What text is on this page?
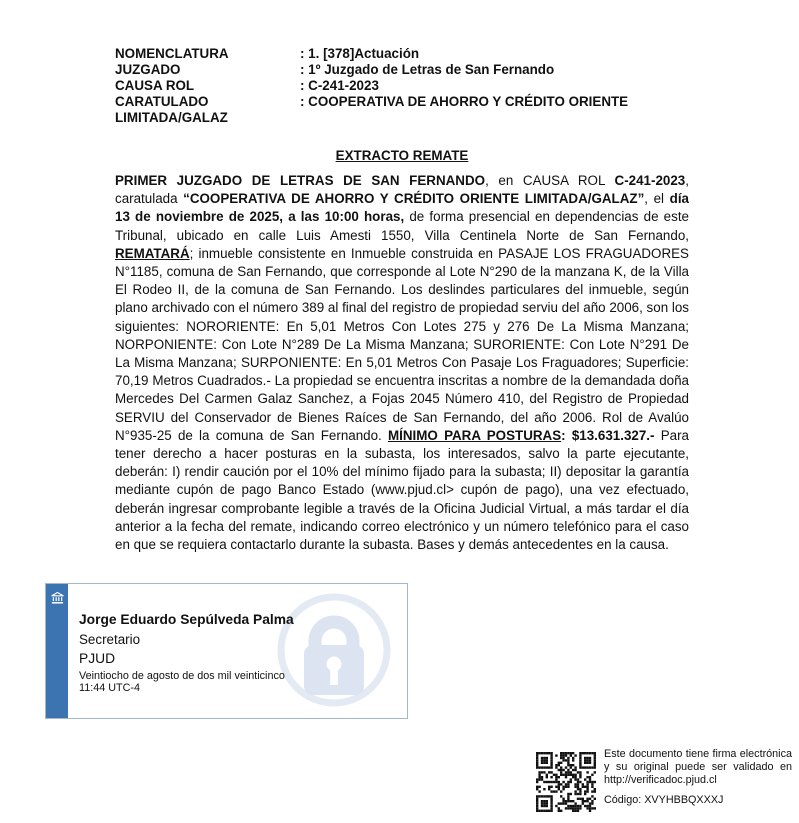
NOMENCLATURA	: 1. [378]Actuación
JUZGADO	: 1º Juzgado de Letras de San Fernando
CAUSA ROL	: C-241-2023
CARATULADO	: COOPERATIVA DE AHORRO Y CRÉDITO ORIENTE
LIMITADA/GALAZ
EXTRACTO REMATE

PRIMER JUZGADO DE LETRAS DE SAN FERNANDO, en CAUSA ROL C-241-2023, caratulada “COOPERATIVA DE AHORRO Y CRÉDITO ORIENTE LIMITADA/GALAZ”, el día 13 de noviembre de 2025, a las 10:00 horas, de forma presencial en dependencias de este Tribunal, ubicado en calle Luis Amesti 1550, Villa Centinela Norte de San Fernando, REMATARÁ; inmueble consistente en Inmueble construida en PASAJE LOS FRAGUADORES N°1185, comuna de San Fernando, que corresponde al Lote N°290 de la manzana K, de la Villa El Rodeo II, de la comuna de San Fernando. Los deslindes particulares del inmueble, según plano archivado con el número 389 al final del registro de propiedad serviu del año 2006, son los siguientes: NORORIENTE: En 5,01 Metros Con Lotes 275 y 276 De La Misma Manzana; NORPONIENTE: Con Lote N°289 De La Misma Manzana; SURORIENTE: Con Lote N°291 De La Misma Manzana; SURPONIENTE: En 5,01 Metros Con Pasaje Los Fraguadores; Superficie: 70,19 Metros Cuadrados.- La propiedad se encuentra inscritas a nombre de la demandada doña Mercedes Del Carmen Galaz Sanchez, a Fojas 2045 Número 410, del Registro de Propiedad SERVIU del Conservador de Bienes Raíces de San Fernando, del año 2006. Rol de Avalúo N°935-25 de la comuna de San Fernando. MÍNIMO PARA POSTURAS: $13.631.327.- Para tener derecho a hacer posturas en la subasta, los interesados, salvo la parte ejecutante, deberán: I) rendir caución por el 10% del mínimo fijado para la subasta; II) depositar la garantía mediante cupón de pago Banco Estado (www.pjud.cl> cupón de pago), una vez efectuado, deberán ingresar comprobante legible a través de la Oficina Judicial Virtual, a más tardar el día anterior a la fecha del remate, indicando correo electrónico y un número telefónico para el caso en que se requiera contactarlo durante la subasta. Bases y demás antecedentes en la causa.

Jorge Eduardo Sepúlveda Palma
Secretario
PJUD
Veintiocho de agosto de dos mil veinticinco
11:44 UTC-4
Este documento tiene firma electrónica
y su original puede ser validado en
http://verificadoc.pjud.cl
Código: XVYHBBQXXXJ
